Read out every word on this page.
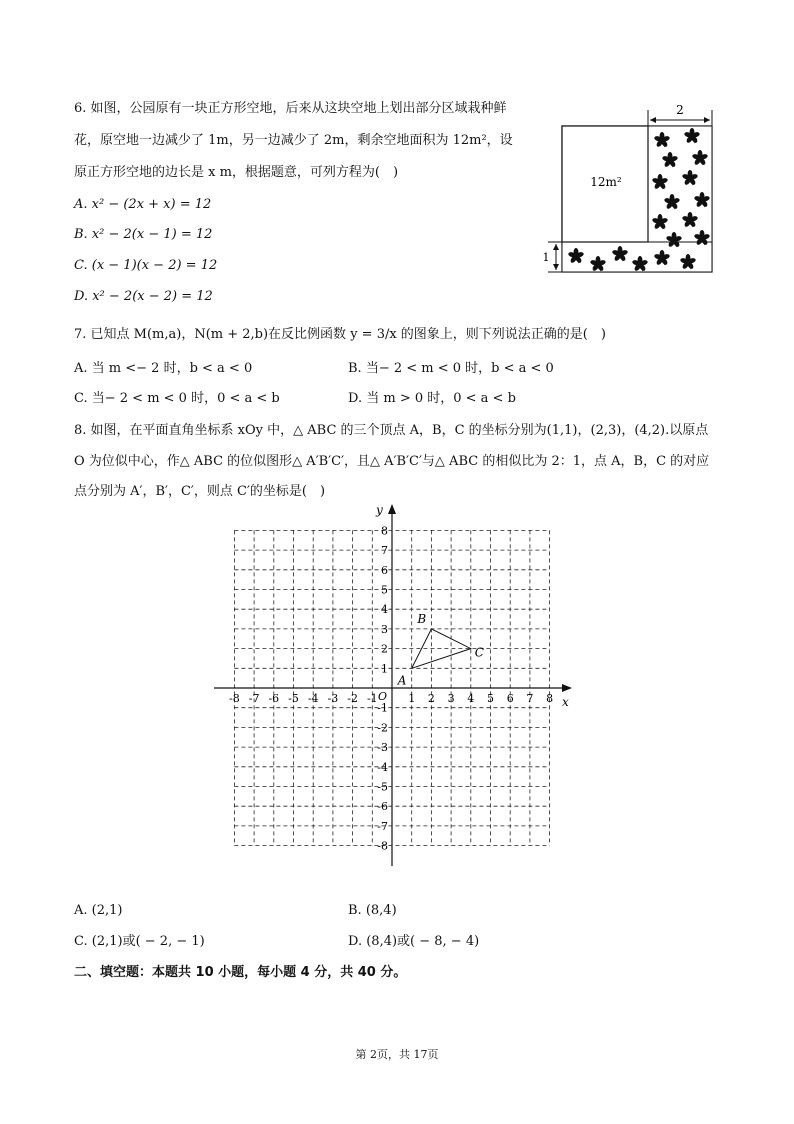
6. 如图，公园原有一块正方形空地，后来从这块空地上划出部分区域栽种鲜
花，原空地一边减少了 1m，另一边减少了 2m，剩余空地面积为 12m²，设
原正方形空地的边长是 x m，根据题意，可列方程为(　)
A. x² − (2x + x) = 12
B. x² − 2(x − 1) = 12
C. (x − 1)(x − 2) = 12
D. x² − 2(x − 2) = 12
2
12m²
1
7. 已知点 M(m,a)，N(m + 2,b)在反比例函数 y = 3/x 的图象上，则下列说法正确的是(　)
A. 当 m <− 2 时，b < a < 0	B. 当− 2 < m < 0 时，b < a < 0
C. 当− 2 < m < 0 时，0 < a < b	D. 当 m > 0 时，0 < a < b
8. 如图，在平面直角坐标系 xOy 中，△ ABC 的三个顶点 A，B，C 的坐标分别为(1,1)，(2,3)，(4,2).以原点
O 为位似中心，作△ ABC 的位似图形△ A′B′C′，且△ A′B′C′与△ ABC 的相似比为 2：1，点 A，B，C 的对应
点分别为 A′，B′，C′，则点 C′的坐标是(　)
x
y
O
-8 -7 -6 -5 -4 -3 -2 -1	1 2 3 4 5 6 7 8
8
7
6
5
4
3
2
1
-1
-2
-3
-4
-5
-6
-7
-8
A
B
C
A. (2,1)	B. (8,4)
C. (2,1)或( − 2, − 1)	D. (8,4)或( − 8, − 4)
二、填空题：本题共 10 小题，每小题 4 分，共 40 分。
第 2页，共 17页
